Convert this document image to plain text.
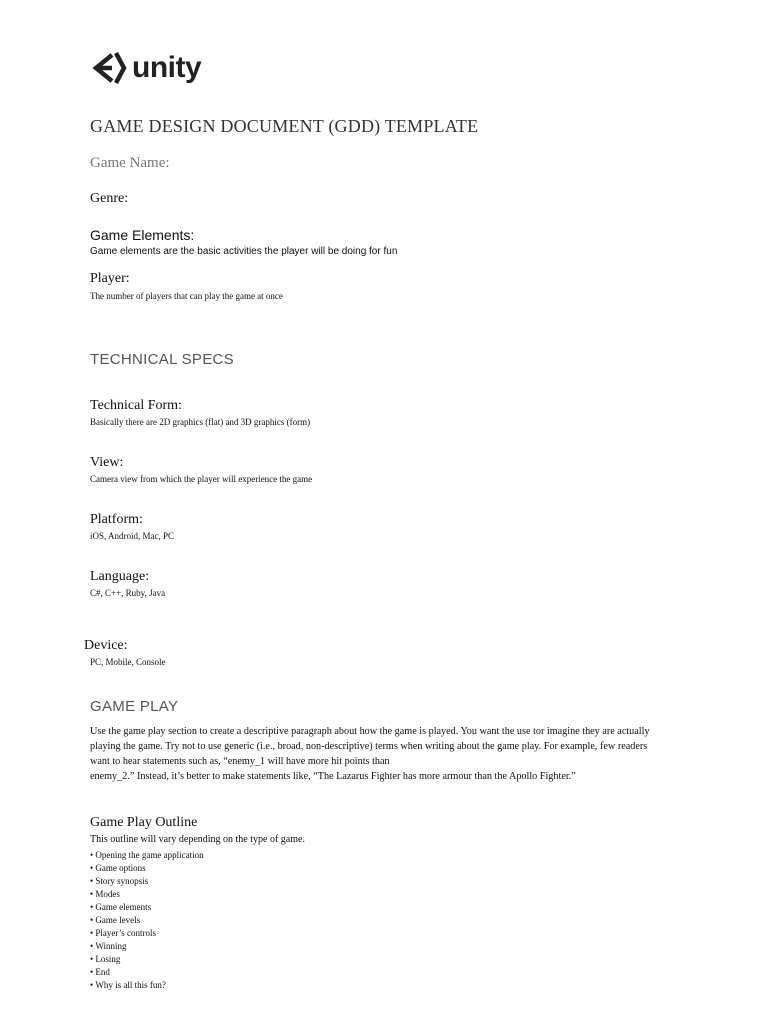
unity
GAME DESIGN DOCUMENT (GDD) TEMPLATE
Game Name:
Genre:
Game Elements:
Game elements are the basic activities the player will be doing for fun
Player:
The number of players that can play the game at once
TECHNICAL SPECS
Technical Form:
Basically there are 2D graphics (flat) and 3D graphics (form)
View:
Camera view from which the player will experience the game
Platform:
iOS, Android, Mac, PC
Language:
C#, C++, Ruby, Java
Device:
PC, Mobile, Console
GAME PLAY

Use the game play section to create a descriptive paragraph about how the game is played. You want the use tor imagine they are actually playing the game. Try not to use generic (i.e., broad, non-descriptive) terms when writing about the game play. For example, few readers want to hear statements such as, “enemy_1 will have more hit points than

enemy_2.” Instead, it’s better to make statements like, “The Lazarus Fighter has more armour than the Apollo Fighter.”

Game Play Outline
This outline will vary depending on the type of game.
• Opening the game application
• Game options
• Story synopsis
• Modes
• Game elements
• Game levels
• Player’s controls
• Winning
• Losing
• End
• Why is all this fun?
